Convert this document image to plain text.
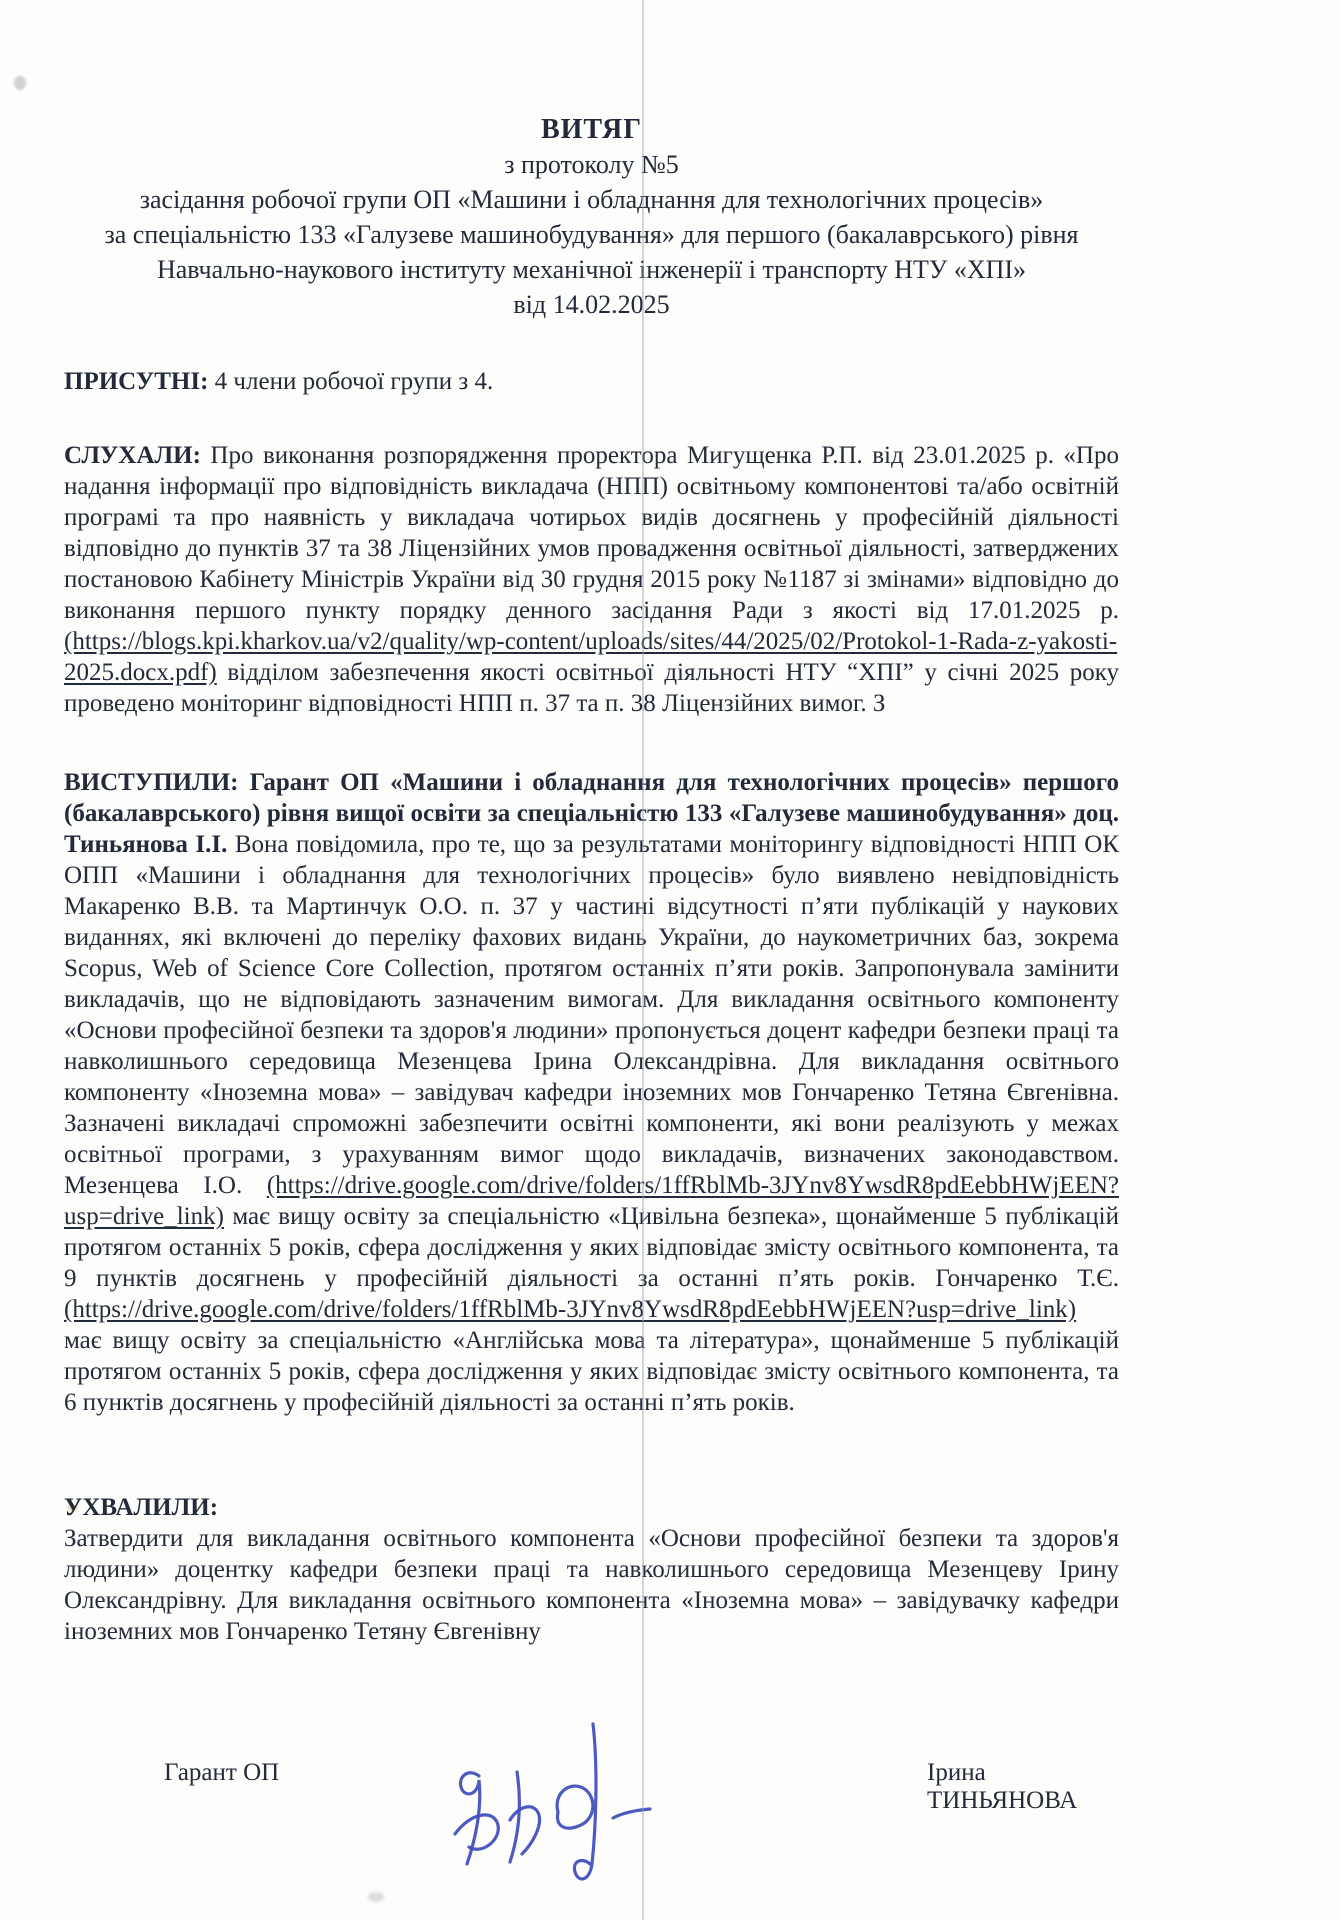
ВИТЯГ
з протоколу №5
засідання робочої групи ОП «Машини і обладнання для технологічних процесів»
за спеціальністю 133 «Галузеве машинобудування» для першого (бакалаврського) рівня
Навчально-наукового інституту механічної інженерії і транспорту НТУ «ХПІ»
від 14.02.2025

ПРИСУТНІ: 4 члени робочої групи з 4.

СЛУХАЛИ: Про виконання розпорядження проректора Мигущенка Р.П. від 23.01.2025 р. «Про надання інформації про відповідність викладача (НПП) освітньому компонентові та/або освітній програмі та про наявність у викладача чотирьох видів досягнень у професійній діяльності відповідно до пунктів 37 та 38 Ліцензійних умов провадження освітньої діяльності, затверджених постановою Кабінету Міністрів України від 30 грудня 2015 року №1187 зі змінами» відповідно до виконання першого пункту порядку денного засідання Ради з якості від 17.01.2025 р. (https://blogs.kpi.kharkov.ua/v2/quality/wp-content/uploads/sites/44/2025/02/Protokol-1-Rada-z-yakosti-2025.docx.pdf) відділом забезпечення якості освітньої діяльності НТУ “ХПІ” у січні 2025 року проведено моніторинг відповідності НПП п. 37 та п. 38 Ліцензійних вимог. З

ВИСТУПИЛИ: Гарант ОП «Машини і обладнання для технологічних процесів» першого (бакалаврського) рівня вищої освіти за спеціальністю 133 «Галузеве машинобудування» доц. Тиньянова І.І. Вона повідомила, про те, що за результатами моніторингу відповідності НПП ОК ОПП «Машини і обладнання для технологічних процесів» було виявлено невідповідність Макаренко В.В. та Мартинчук О.О. п. 37 у частині відсутності п’яти публікацій у наукових виданнях, які включені до переліку фахових видань України, до наукометричних баз, зокрема Scopus, Web of Science Core Collection, протягом останніх п’яти років. Запропонувала замінити викладачів, що не відповідають зазначеним вимогам. Для викладання освітнього компоненту «Основи професійної безпеки та здоров'я людини» пропонується доцент кафедри безпеки праці та навколишнього середовища Мезенцева Ірина Олександрівна. Для викладання освітнього компоненту «Іноземна мова» – завідувач кафедри іноземних мов Гончаренко Тетяна Євгенівна. Зазначені викладачі спроможні забезпечити освітні компоненти, які вони реалізують у межах освітньої програми, з урахуванням вимог щодо викладачів, визначених законодавством. Мезенцева І.О. (https://drive.google.com/drive/folders/1ffRblMb-3JYnv8YwsdR8pdEebbHWjEEN?usp=drive_link) має вищу освіту за спеціальністю «Цивільна безпека», щонайменше 5 публікацій протягом останніх 5 років, сфера дослідження у яких відповідає змісту освітнього компонента, та 9 пунктів досягнень у професійній діяльності за останні п’ять років. Гончаренко Т.Є. (https://drive.google.com/drive/folders/1ffRblMb-3JYnv8YwsdR8pdEebbHWjEEN?usp=drive_link) має вищу освіту за спеціальністю «Англійська мова та література», щонайменше 5 публікацій протягом останніх 5 років, сфера дослідження у яких відповідає змісту освітнього компонента, та 6 пунктів досягнень у професійній діяльності за останні п’ять років.

УХВАЛИЛИ:

Затвердити для викладання освітнього компонента «Основи професійної безпеки та здоров'я людини» доцентку кафедри безпеки праці та навколишнього середовища Мезенцеву Ірину Олександрівну. Для викладання освітнього компонента «Іноземна мова» – завідувачку кафедри іноземних мов Гончаренко Тетяну Євгенівну

Гарант ОП	Ірина ТИНЬЯНОВА
